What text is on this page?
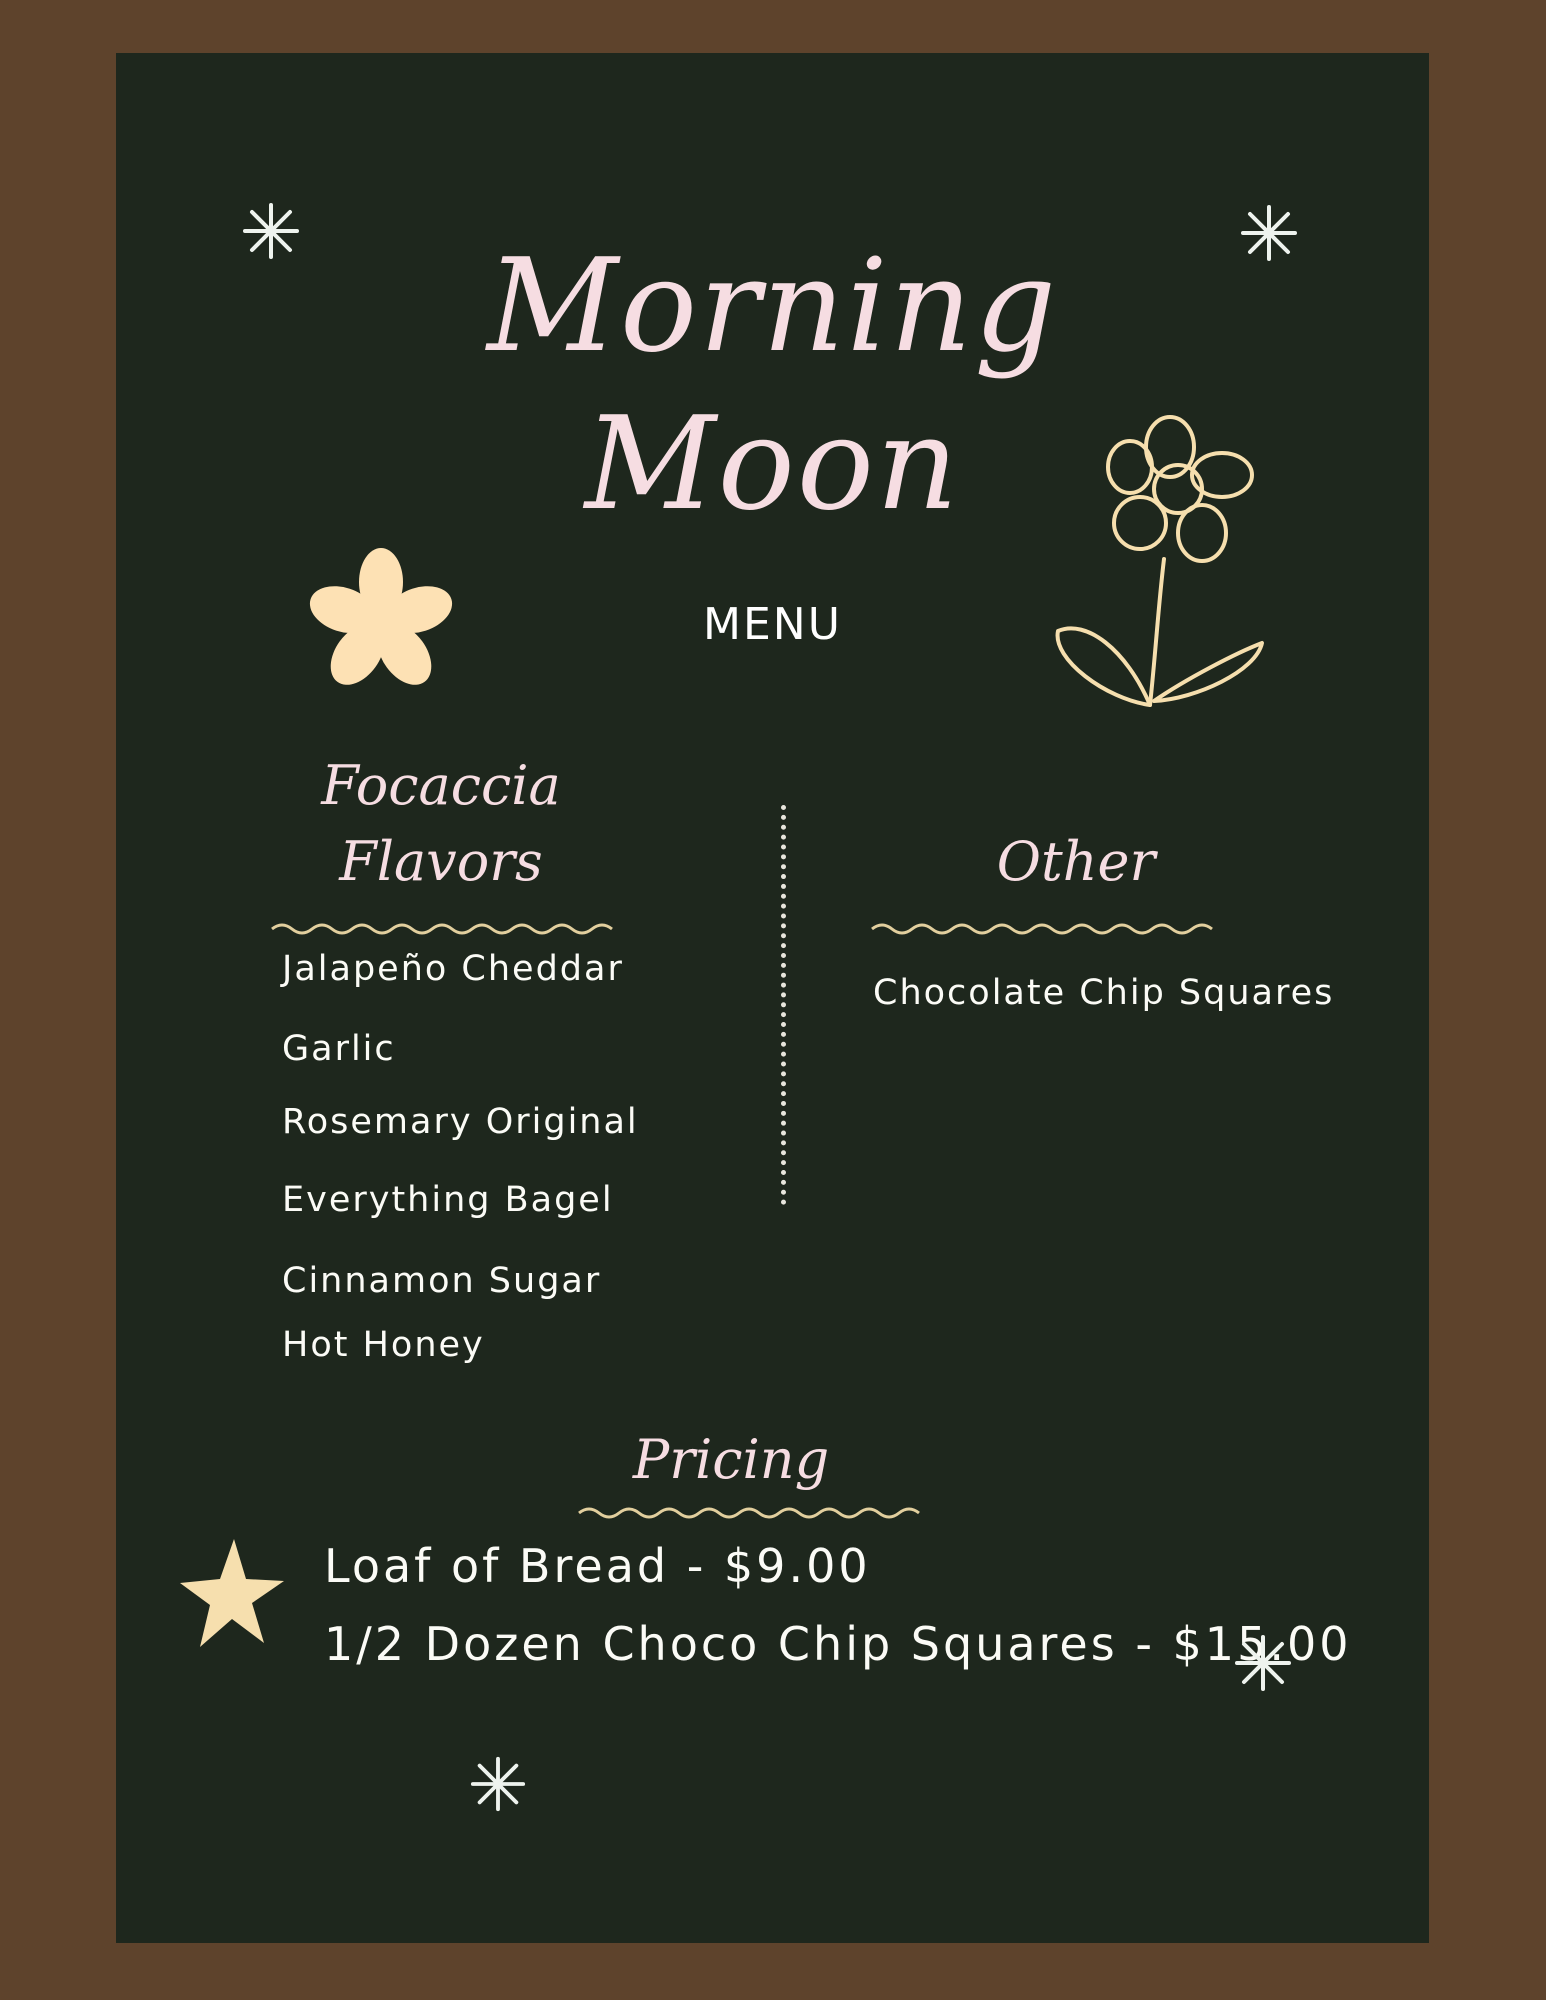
Morning
Moon
MENU
Focaccia
Flavors
Jalapeño Cheddar
Garlic
Rosemary Original
Everything Bagel
Cinnamon Sugar
Hot Honey
Other
Chocolate Chip Squares
Pricing
Loaf of Bread - $9.00
1/2 Dozen Choco Chip Squares - $15.00
